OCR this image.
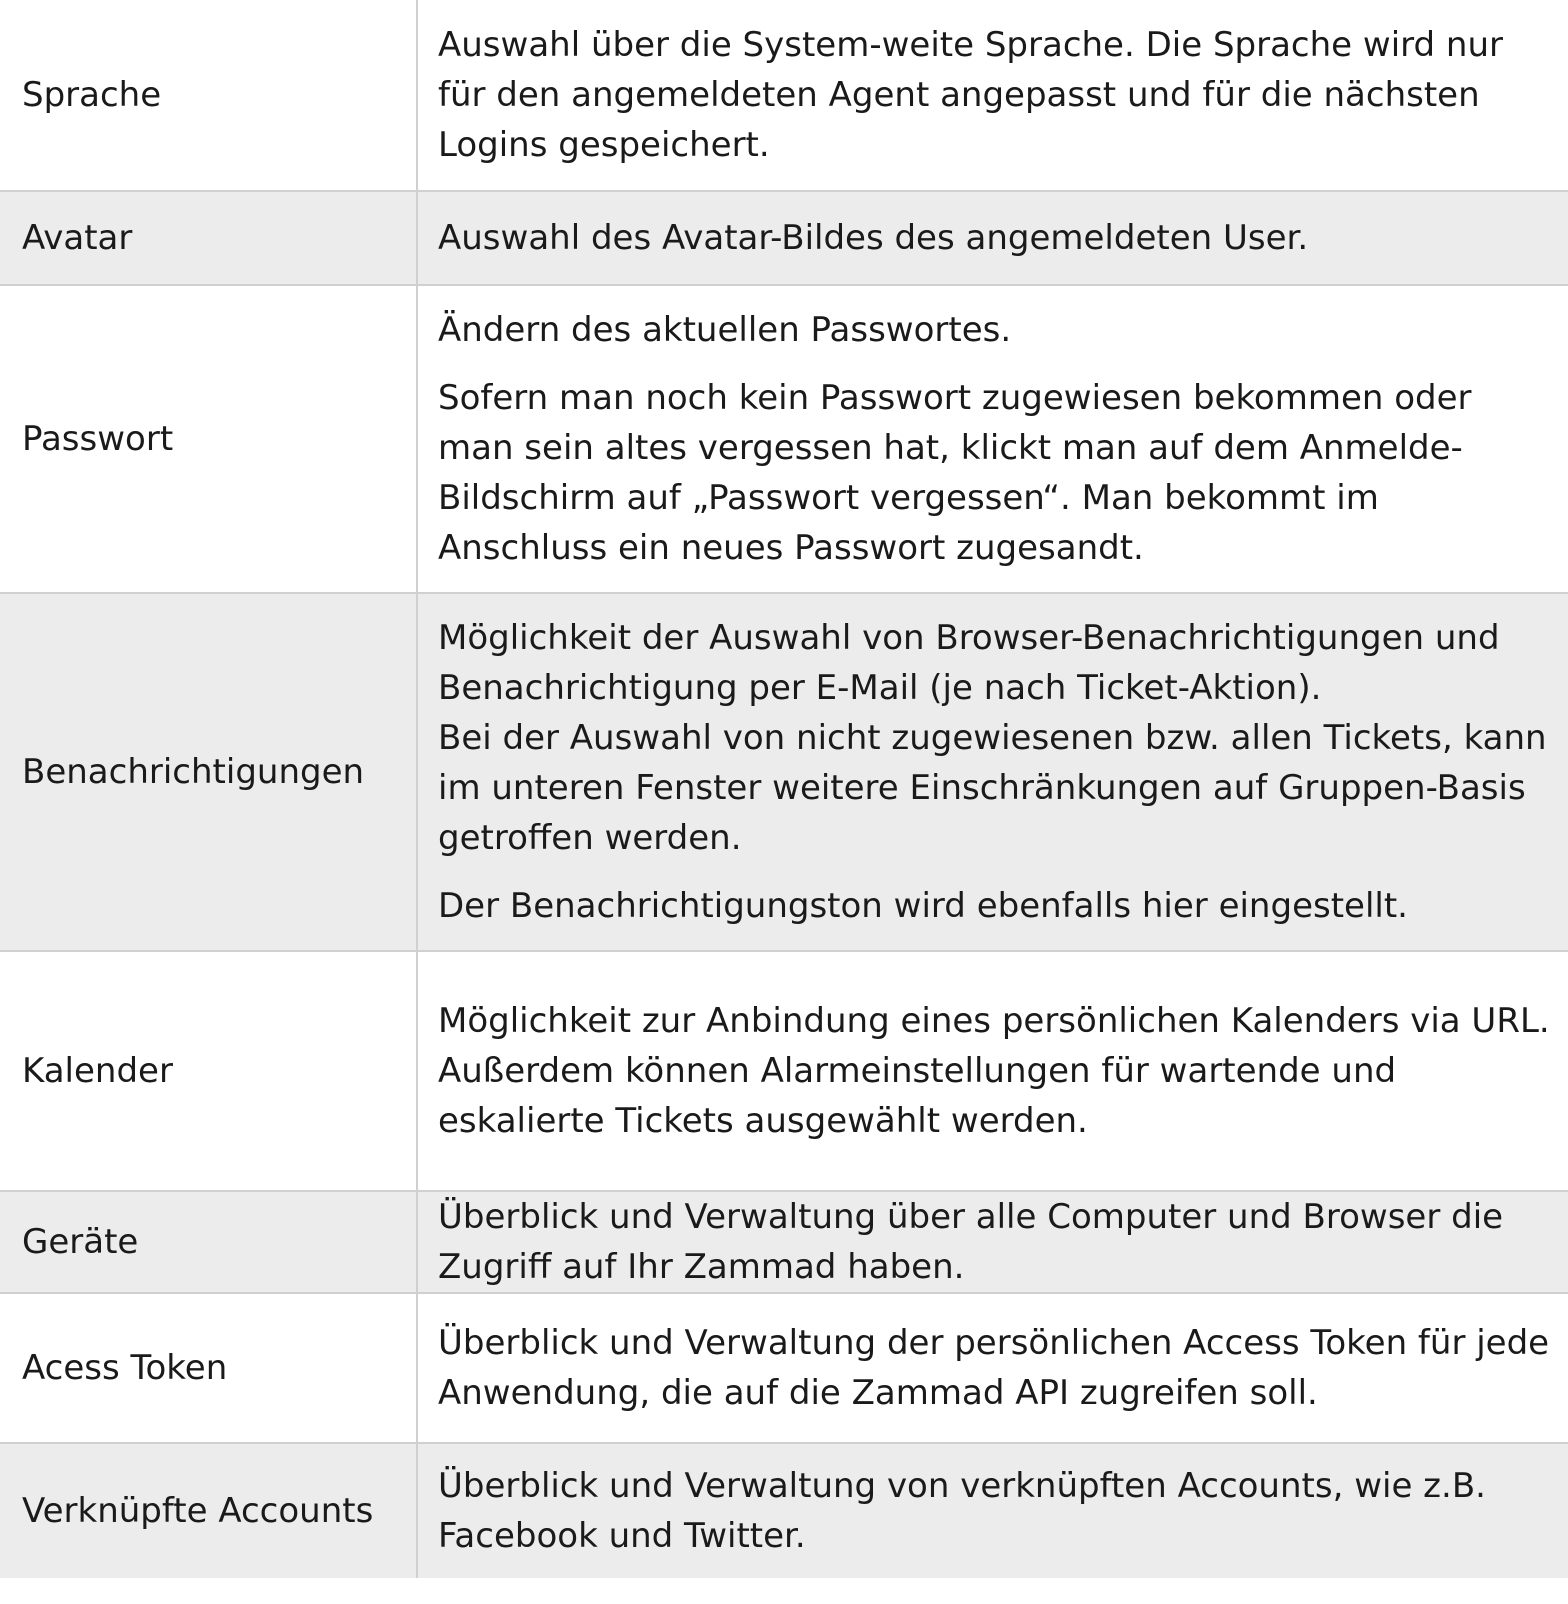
Sprache	Auswahl über die System-weite Sprache. Die Sprache wird nur für den angemeldeten Agent angepasst und für die nächsten Logins gespeichert.

Avatar	Auswahl des Avatar-Bildes des angemeldeten User.

Passwort	Ändern des aktuellen Passwortes.

Sofern man noch kein Passwort zugewiesen bekommen oder man sein altes vergessen hat, klickt man auf dem Anmelde-Bildschirm auf „Passwort vergessen“. Man bekommt im Anschluss ein neues Passwort zugesandt.

Benachrichtigungen	Möglichkeit der Auswahl von Browser-Benachrichtigungen und Benachrichtigung per E-Mail (je nach Ticket-Aktion).
Bei der Auswahl von nicht zugewiesenen bzw. allen Tickets, kann im unteren Fenster weitere Einschränkungen auf Gruppen-Basis getroffen werden.

Der Benachrichtigungston wird ebenfalls hier eingestellt.

Kalender	Möglichkeit zur Anbindung eines persönlichen Kalenders via URL.
Außerdem können Alarmeinstellungen für wartende und eskalierte Tickets ausgewählt werden.

Geräte	Überblick und Verwaltung über alle Computer und Browser die Zugriff auf Ihr Zammad haben.

Acess Token	Überblick und Verwaltung der persönlichen Access Token für jede Anwendung, die auf die Zammad API zugreifen soll.

Verknüpfte Accounts	Überblick und Verwaltung von verknüpften Accounts, wie z.B. Facebook und Twitter.
